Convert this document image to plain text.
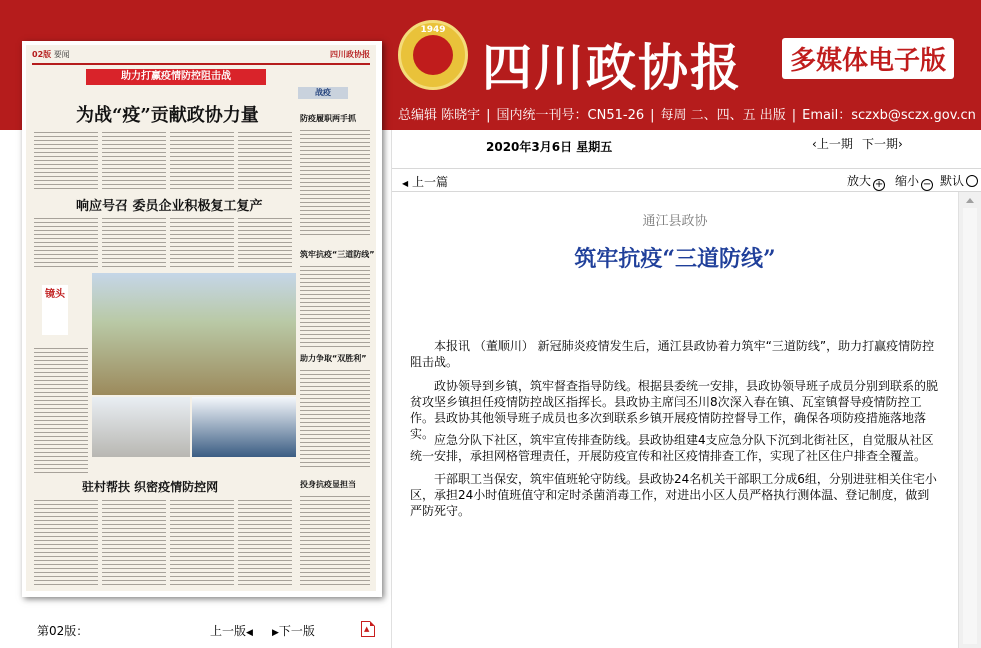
1949
四川政协报	多媒体电子版
总编辑 陈晓宇 | 国内统一刊号：CN51-26 | 每周 二、四、五 出版 | Email：sczxb@sczx.gov.cn
02版 要闻	四川政协报
助力打赢疫情防控阻击战
战疫
为战“疫”贡献政协力量
响应号召 委员企业积极复工复产
镜头
驻村帮扶 织密疫情防控网
防疫履职两手抓
筑牢抗疫“三道防线”
助力争取“双胜利”
投身抗疫显担当
第02版：	上一版◀ ▶下一版	▲
2020年3月6日 星期五	‹上一期 下一期›
◀ 上一篇	放大 + 缩小 − 默认
通江县政协
筑牢抗疫“三道防线”
本报讯 （董顺川） 新冠肺炎疫情发生后，通江县政协着力筑牢“三道防线”，助力打赢疫情防控阻击战。
政协领导到乡镇，筑牢督查指导防线。根据县委统一安排，县政协领导班子成员分别到联系的脱贫攻坚乡镇担任疫情防控战区指挥长。县政协主席闫丕川8次深入春在镇、瓦室镇督导疫情防控工作。县政协其他领导班子成员也多次到联系乡镇开展疫情防控督导工作，确保各项防疫措施落地落实。 应急分队下社区，筑牢宣传排查防线。县政协组建4支应急分队下沉到北街社区，自觉服从社区统一安排，承担网格管理责任，开展防疫宣传和社区疫情排查工作，实现了社区住户排查全覆盖。
干部职工当保安，筑牢值班轮守防线。县政协24名机关干部职工分成6组，分别进驻相关住宅小区，承担24小时值班值守和定时杀菌消毒工作，对进出小区人员严格执行测体温、登记制度，做到严防死守。
